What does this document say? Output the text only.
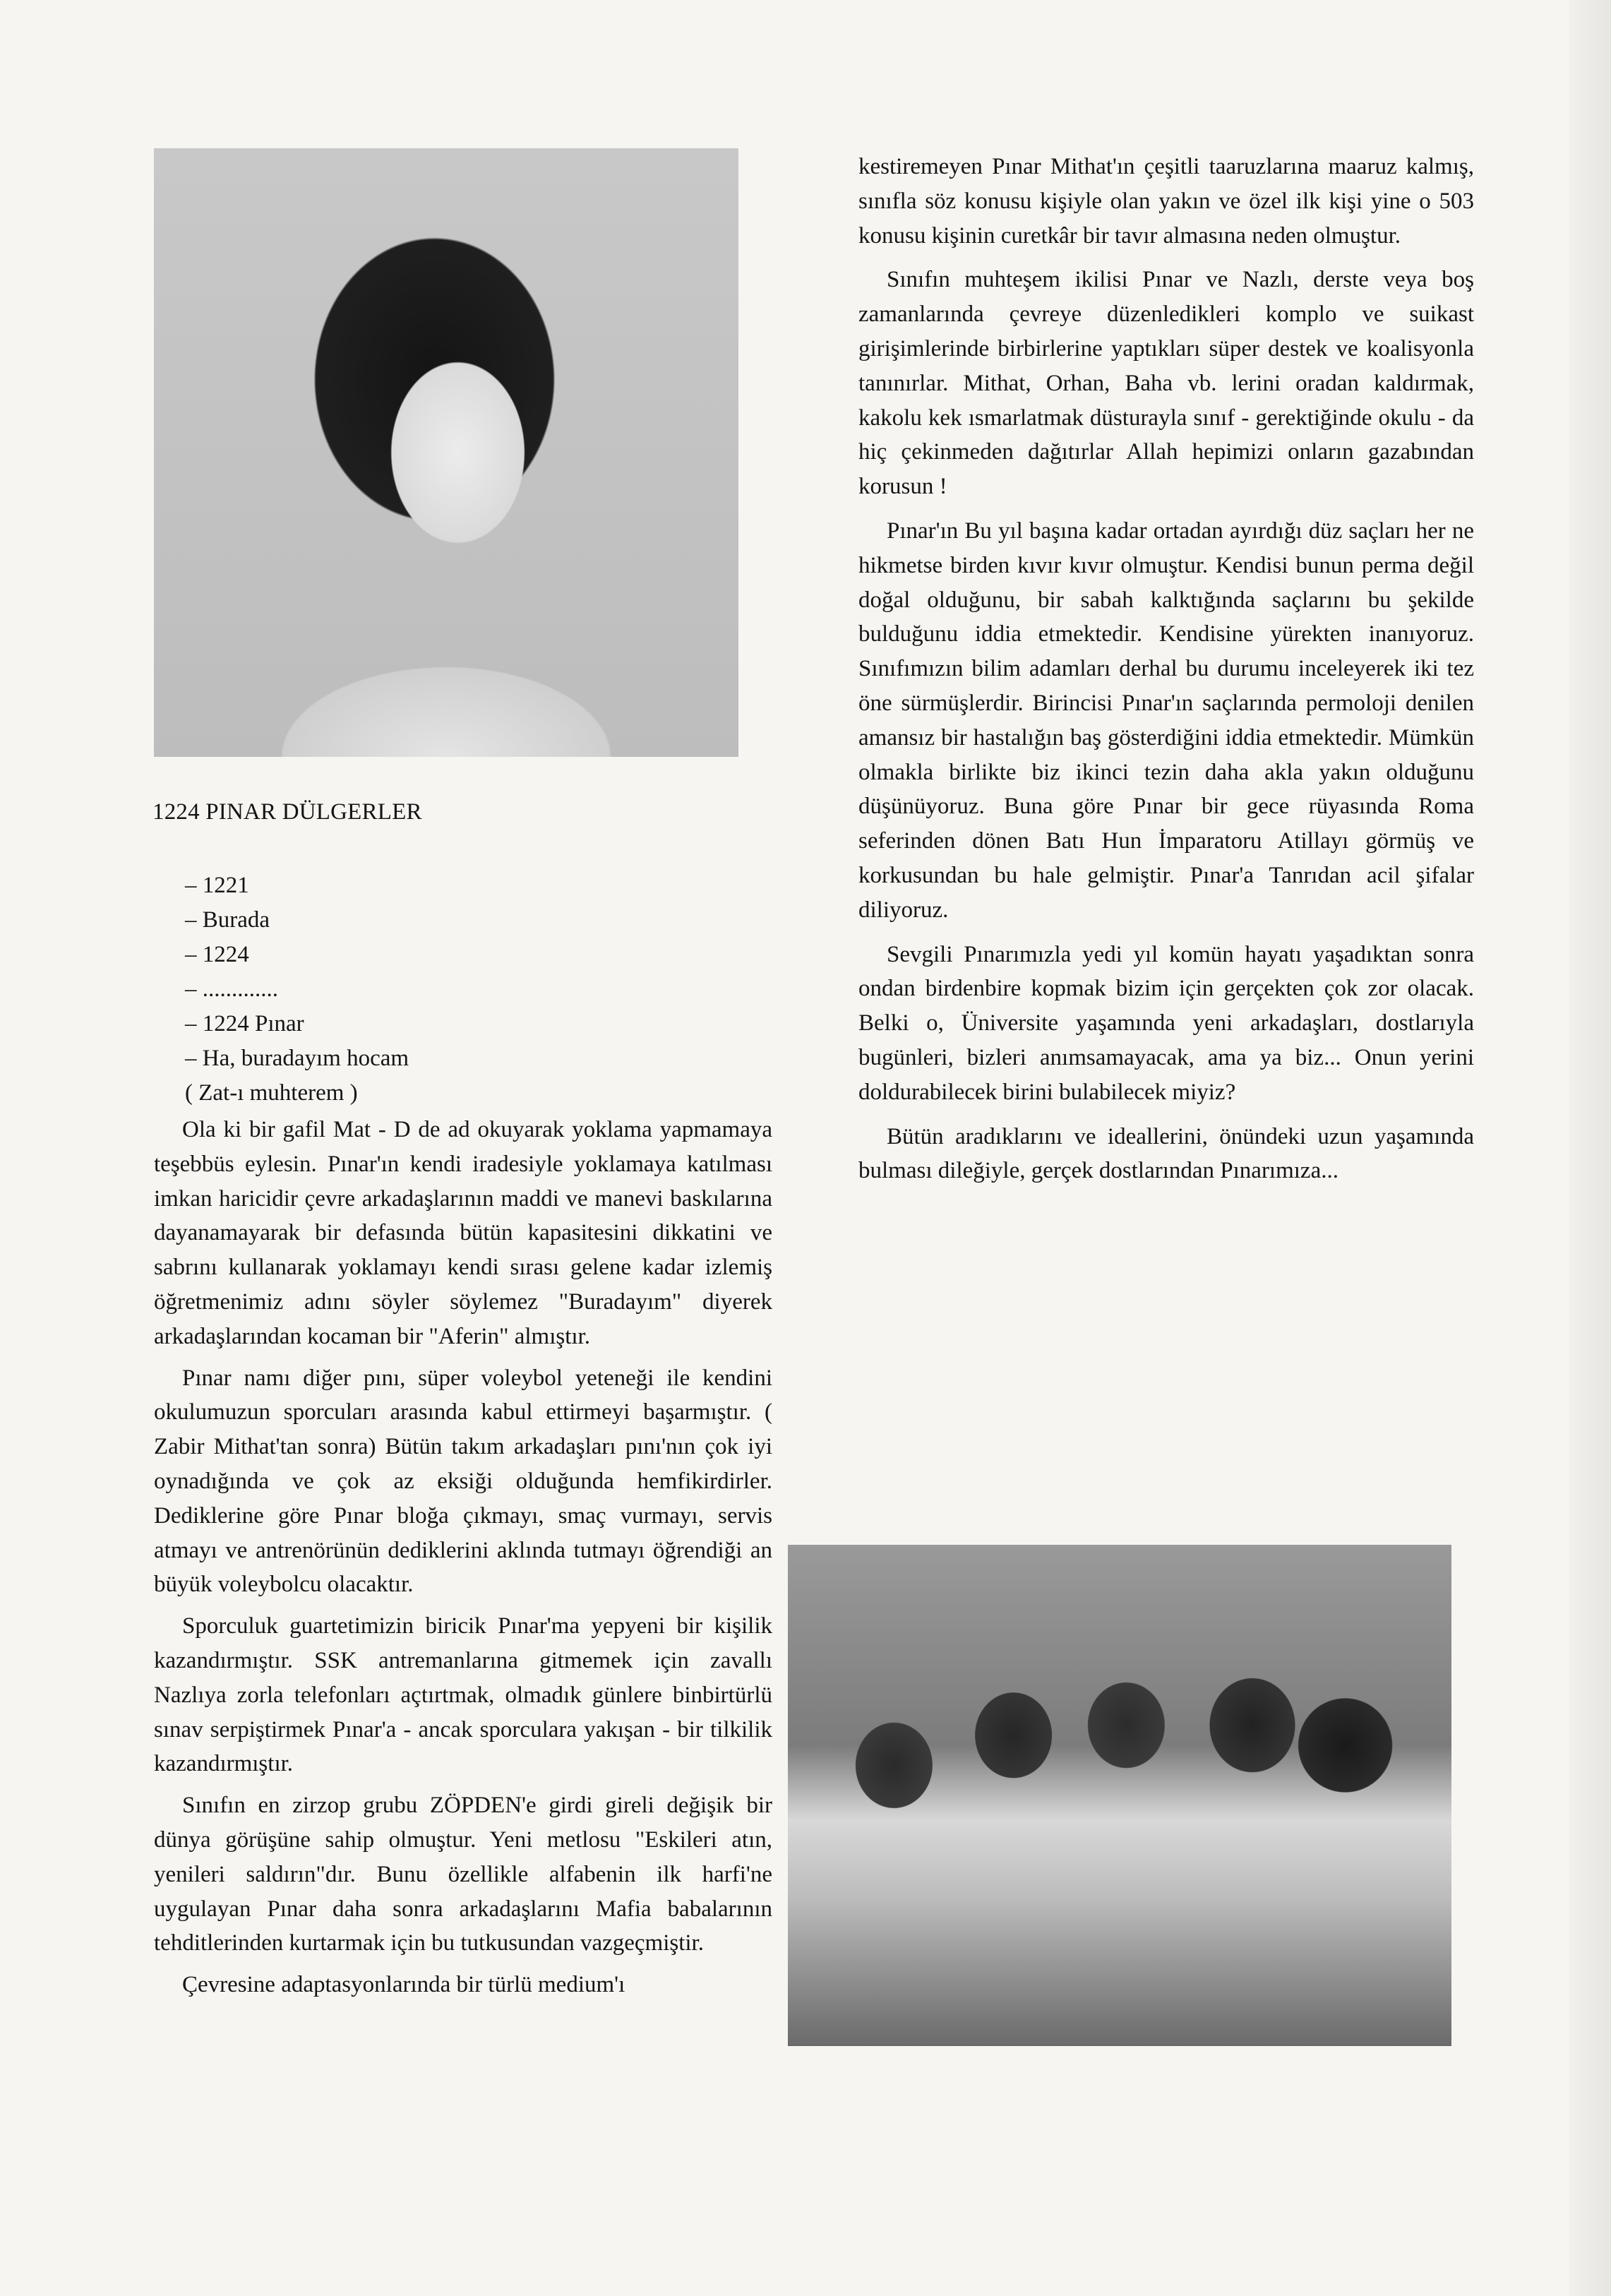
1224 PINAR DÜLGERLER
– 1221
– Burada
– 1224
– .............
– 1224 Pınar
– Ha, buradayım hocam
( Zat-ı muhterem )

Ola ki bir gafil Mat - D de ad okuyarak yoklama yapmamaya teşebbüs eylesin. Pınar'ın kendi iradesiyle yoklamaya katılması imkan haricidir çevre arkadaşlarının maddi ve manevi baskılarına dayanamayarak bir defasında bütün kapasitesini dikkatini ve sabrını kullanarak yoklamayı kendi sırası gelene kadar izlemiş öğretmenimiz adını söyler söylemez "Buradayım" diyerek arkadaşlarından kocaman bir "Aferin" almıştır.

Pınar namı diğer pını, süper voleybol yeteneği ile kendini okulumuzun sporcuları arasında kabul ettirmeyi başarmıştır. ( Zabir Mithat'tan sonra) Bütün takım arkadaşları pını'nın çok iyi oynadığında ve çok az eksiği olduğunda hemfikirdirler. Dediklerine göre Pınar bloğa çıkmayı, smaç vurmayı, servis atmayı ve antrenörünün dediklerini aklında tutmayı öğrendiği an büyük voleybolcu olacaktır.

Sporculuk guartetimizin biricik Pınar'ma yepyeni bir kişilik kazandırmıştır. SSK antremanlarına gitmemek için zavallı Nazlıya zorla telefonları açtırtmak, olmadık günlere binbirtürlü sınav serpiştirmek Pınar'a - ancak sporculara yakışan - bir tilkilik kazandırmıştır.

Sınıfın en zirzop grubu ZÖPDEN'e girdi gireli değişik bir dünya görüşüne sahip olmuştur. Yeni metlosu "Eskileri atın, yenileri saldırın"dır. Bunu özellikle alfabenin ilk harfi'ne uygulayan Pınar daha sonra arkadaşlarını Mafia babalarının tehditlerinden kurtarmak için bu tutkusundan vazgeçmiştir.

Çevresine adaptasyonlarında bir türlü medium'ı

kestiremeyen Pınar Mithat'ın çeşitli taaruzlarına maaruz kalmış, sınıfla söz konusu kişiyle olan yakın ve özel ilk kişi yine o 503 konusu kişinin curetkâr bir tavır almasına neden olmuştur.

Sınıfın muhteşem ikilisi Pınar ve Nazlı, derste veya boş zamanlarında çevreye düzenledikleri komplo ve suikast girişimlerinde birbirlerine yaptıkları süper destek ve koalisyonla tanınırlar. Mithat, Orhan, Baha vb. lerini oradan kaldırmak, kakolu kek ısmarlatmak düsturayla sınıf - gerektiğinde okulu - da hiç çekinmeden dağıtırlar Allah hepimizi onların gazabından korusun !

Pınar'ın Bu yıl başına kadar ortadan ayırdığı düz saçları her ne hikmetse birden kıvır kıvır olmuştur. Kendisi bunun perma değil doğal olduğunu, bir sabah kalktığında saçlarını bu şekilde bulduğunu iddia etmektedir. Kendisine yürekten inanıyoruz. Sınıfımızın bilim adamları derhal bu durumu inceleyerek iki tez öne sürmüşlerdir. Birincisi Pınar'ın saçlarında permoloji denilen amansız bir hastalığın baş gösterdiğini iddia etmektedir. Mümkün olmakla birlikte biz ikinci tezin daha akla yakın olduğunu düşünüyoruz. Buna göre Pınar bir gece rüyasında Roma seferinden dönen Batı Hun İmparatoru Atillayı görmüş ve korkusundan bu hale gelmiştir. Pınar'a Tanrıdan acil şifalar diliyoruz.

Sevgili Pınarımızla yedi yıl komün hayatı yaşadıktan sonra ondan birdenbire kopmak bizim için gerçekten çok zor olacak. Belki o, Üniversite yaşamında yeni arkadaşları, dostlarıyla bugünleri, bizleri anımsamayacak, ama ya biz... Onun yerini doldurabilecek birini bulabilecek miyiz?

Bütün aradıklarını ve ideallerini, önündeki uzun yaşamında bulması dileğiyle, gerçek dostlarından Pınarımıza...
